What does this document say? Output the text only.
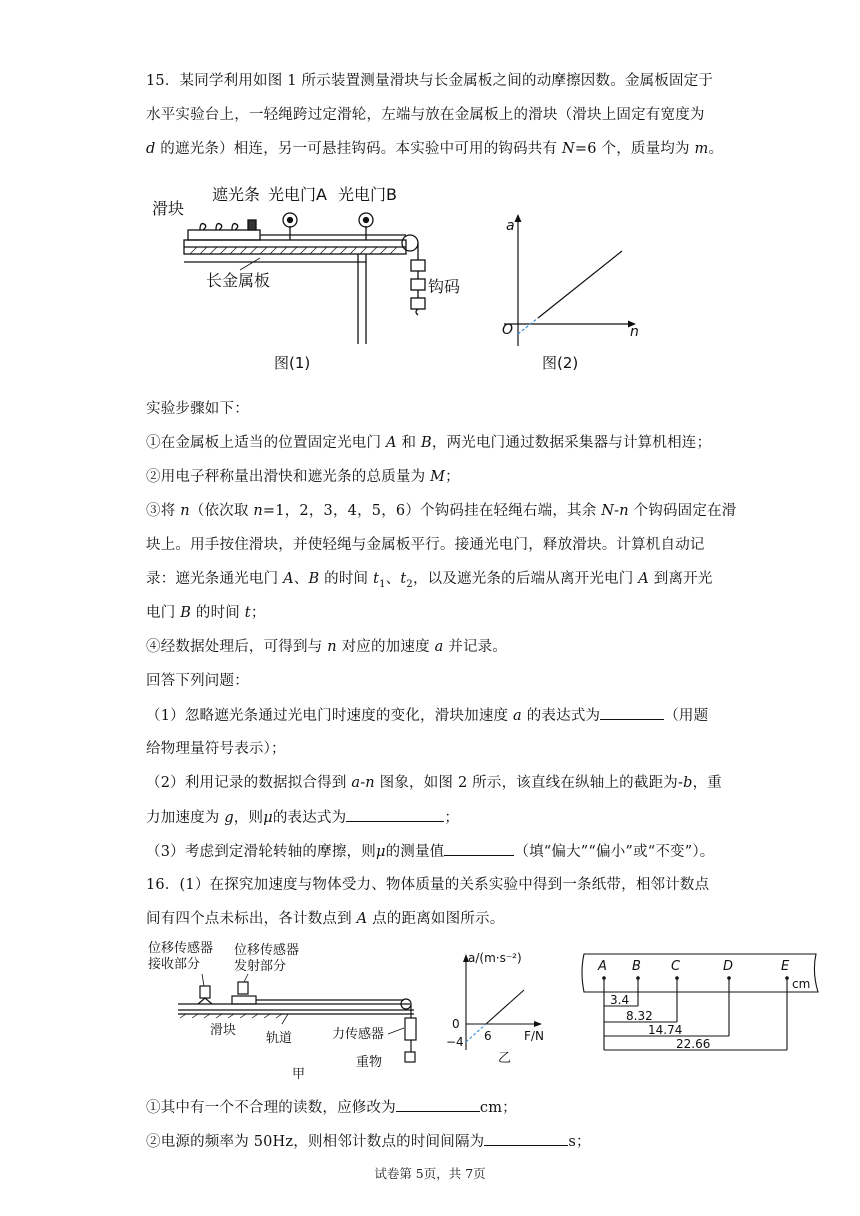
15．某同学利用如图 1 所示装置测量滑块与长金属板之间的动摩擦因数。金属板固定于
水平实验台上，一轻绳跨过定滑轮，左端与放在金属板上的滑块（滑块上固定有宽度为
d 的遮光条）相连，另一可悬挂钩码。本实验中可用的钩码共有 N=6 个，质量均为 m。
滑块
遮光条 光电门A 光电门B
长金属板	钩码
图(1)
a
n
O
图(2)
实验步骤如下：
①在金属板上适当的位置固定光电门 A 和 B，两光电门通过数据采集器与计算机相连；
②用电子秤称量出滑快和遮光条的总质量为 M；
③将 n（依次取 n=1，2，3，4，5，6）个钩码挂在轻绳右端，其余 N-n 个钩码固定在滑
块上。用手按住滑块，并使轻绳与金属板平行。接通光电门，释放滑块。计算机自动记
录：遮光条通光电门 A、B 的时间 $t_1$、$t_2$，以及遮光条的后端从离开光电门 A 到离开光
电门 B 的时间 t；
④经数据处理后，可得到与 n 对应的加速度 a 并记录。
回答下列问题：
（1）忽略遮光条通过光电门时速度的变化，滑块加速度 a 的表达式为	（用题
给物理量符号表示）；
（2）利用记录的数据拟合得到 a-n 图象，如图 2 所示，该直线在纵轴上的截距为-b，重
力加速度为 g，则μ的表达式为	；
（3）考虑到定滑轮转轴的摩擦，则μ的测量值	（填“偏大”“偏小”或“不变”）。
16．(1）在探究加速度与物体受力、物体质量的关系实验中得到一条纸带，相邻计数点
间有四个点未标出，各计数点到 A 点的距离如图所示。
位移传感器
接收部分
位移传感器
发射部分
滑块
轨道	力传感器
重物
甲
a/(m·s⁻²)
F/N
0
−4 6
乙
A B C	D	E
cm
3.4
8.32
14.74
22.66
①其中有一个不合理的读数，应修改为	cm；
②电源的频率为 50Hz，则相邻计数点的时间间隔为	s；
试卷第 5页，共 7页
